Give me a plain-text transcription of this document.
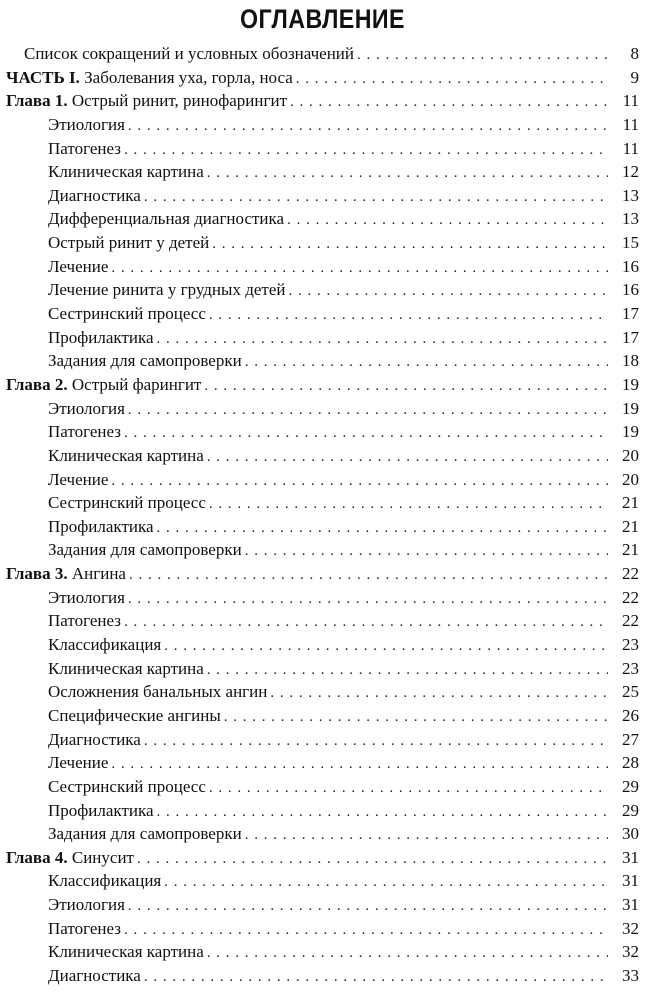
ОГЛАВЛЕНИЕ
Список сокращений и условных обозначений . . .	8
ЧАСТЬ I. Заболевания уха, горла, носа . . .	9
Глава 1. Острый ринит, ринофарингит . . .	11
Этиология . . .	11
Патогенез . . .	11
Клиническая картина . . .	12
Диагностика . . .	13
Дифференциальная диагностика . . .	13
Острый ринит у детей . . .	15
Лечение . . .	16
Лечение ринита у грудных детей . . .	16
Сестринский процесс . . .	17
Профилактика . . .	17
Задания для самопроверки . . .	18
Глава 2. Острый фарингит . . .	19
Этиология . . .	19
Патогенез . . .	19
Клиническая картина . . .	20
Лечение . . .	20
Сестринский процесс . . .	21
Профилактика . . .	21
Задания для самопроверки . . .	21
Глава 3. Ангина . . .	22
Этиология . . .	22
Патогенез . . .	22
Классификация . . .	23
Клиническая картина . . .	23
Осложнения банальных ангин . . .	25
Специфические ангины . . .	26
Диагностика . . .	27
Лечение . . .	28
Сестринский процесс . . .	29
Профилактика . . .	29
Задания для самопроверки . . .	30
Глава 4. Синусит . . .	31
Классификация . . .	31
Этиология . . .	31
Патогенез . . .	32
Клиническая картина . . .	32
Диагностика . . .	33
